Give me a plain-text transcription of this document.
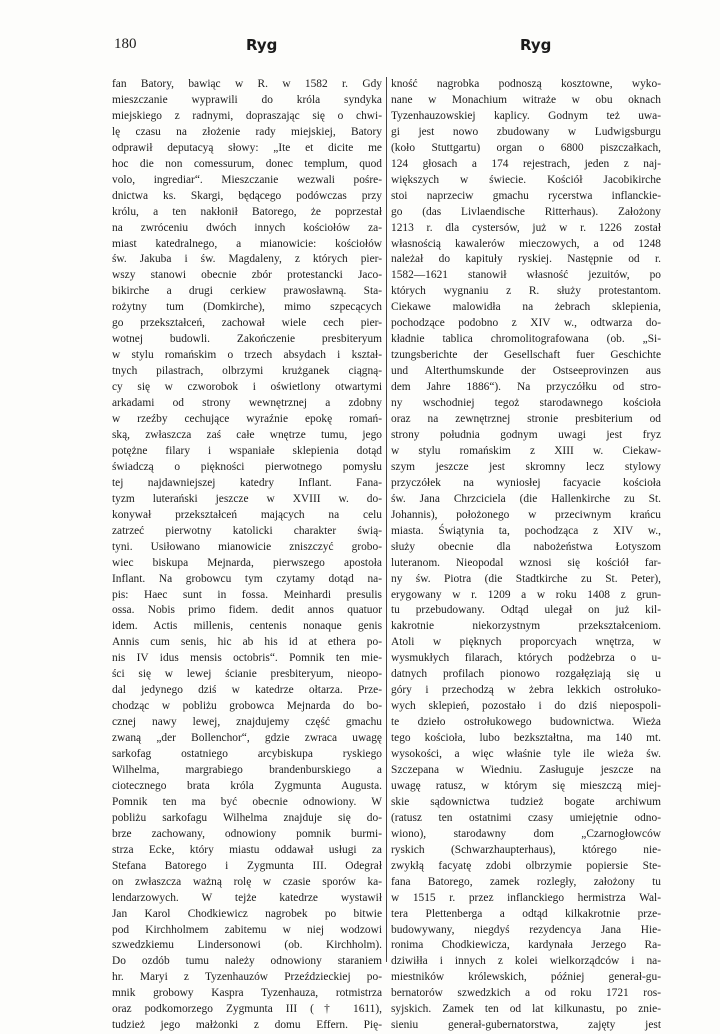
180	Ryg	Ryg
fan Batory, bawiąc w R. w 1582 r. Gdy
mieszczanie wyprawili do króla syndyka
miejskiego z radnymi, dopraszając się o chwi-
lę czasu na złożenie rady miejskiej, Batory
odprawił deputacyą słowy: „Ite et dicite me
hoc die non comessurum, donec templum, quod
volo, ingrediar“. Mieszczanie wezwali pośre-
dnictwa ks. Skargi, będącego podówczas przy
królu, a ten nakłonił Batorego, że poprzestał
na zwróceniu dwóch innych kościołów za-
miast katedralnego, a mianowicie: kościołów
św. Jakuba i św. Magdaleny, z których pier-
wszy stanowi obecnie zbór protestancki Jaco-
bikirche a drugi cerkiew prawosławną. Sta-
rożytny tum (Domkirche), mimo szpecących
go przekształceń, zachował wiele cech pier-
wotnej budowli. Zakończenie presbiteryum
w stylu romańskim o trzech absydach i kształ-
tnych pilastrach, olbrzymi krużganek ciągną-
cy się w czworobok i oświetlony otwartymi
arkadami od strony wewnętrznej a zdobny
w rzeźby cechujące wyraźnie epokę romań-
ską, zwłaszcza zaś całe wnętrze tumu, jego
potężne filary i wspaniałe sklepienia dotąd
świadczą o piękności pierwotnego pomysłu
tej najdawniejszej katedry Inflant. Fana-
tyzm luterański jeszcze w XVIII w. do-
konywał przekształceń mających na celu
zatrzeć pierwotny katolicki charakter świą-
tyni. Usiłowano mianowicie zniszczyć grobo-
wiec biskupa Mejnarda, pierwszego apostoła
Inflant. Na grobowcu tym czytamy dotąd na-
pis: Haec sunt in fossa. Meinhardi presulis
ossa. Nobis primo fidem. dedit annos quatuor
idem. Actis millenis, centenis nonaque genis
Annis cum senis, hic ab his id at ethera po-
nis IV idus mensis octobris“. Pomnik ten mie-
ści się w lewej ścianie presbiteryum, nieopo-
dal jedynego dziś w katedrze ołtarza. Prze-
chodząc w pobliżu grobowca Mejnarda do bo-
cznej nawy lewej, znajdujemy część gmachu
zwaną „der Bollenchor“, gdzie zwraca uwagę
sarkofag ostatniego arcybiskupa ryskiego
Wilhelma, margrabiego brandenburskiego a
ciotecznego brata króla Zygmunta Augusta.
Pomnik ten ma być obecnie odnowiony. W
pobliżu sarkofagu Wilhelma znajduje się do-
brze zachowany, odnowiony pomnik burmi-
strza Ecke, który miastu oddawał usługi za
Stefana Batorego i Zygmunta III. Odegrał
on zwłaszcza ważną rolę w czasie sporów ka-
lendarzowych. W tejże katedrze wystawił
Jan Karol Chodkiewicz nagrobek po bitwie
pod Kirchholmem zabitemu w niej wodzowi
szwedzkiemu Lindersonowi (ob. Kirchholm).
Do ozdób tumu należy odnowiony staraniem
hr. Maryi z Tyzenhauzów Przeździeckiej po-
mnik grobowy Kaspra Tyzenhauza, rotmistrza
oraz podkomorzego Zygmunta III († 1611),
tudzież jego małżonki z domu Effern. Pię-
kność nagrobka podnoszą kosztowne, wyko-
nane w Monachium witraże w obu oknach
Tyzenhauzowskiej kaplicy. Godnym też uwa-
gi jest nowo zbudowany w Ludwigsburgu
(koło Stuttgartu) organ o 6800 piszczałkach,
124 głosach a 174 rejestrach, jeden z naj-
większych w świecie. Kościół Jacobikirche
stoi naprzeciw gmachu rycerstwa inflanckie-
go (das Livlaendische Ritterhaus). Założony
1213 r. dla cystersów, już w r. 1226 został
własnością kawalerów mieczowych, a od 1248
należał do kapituły ryskiej. Następnie od r.
1582—1621 stanowił własność jezuitów, po
których wygnaniu z R. służy protestantom.
Ciekawe malowidła na żebrach sklepienia,
pochodzące podobno z XIV w., odtwarza do-
kładnie tablica chromolitografowana (ob. „Si-
tzungsberichte der Gesellschaft fuer Geschichte
und Alterthumskunde der Ostseeprovinzen aus
dem Jahre 1886“). Na przyczółku od stro-
ny wschodniej tegoż starodawnego kościoła
oraz na zewnętrznej stronie presbiterium od
strony południa godnym uwagi jest fryz
w stylu romańskim z XIII w. Ciekaw-
szym jeszcze jest skromny lecz stylowy
przyczółek na wyniosłej facyacie kościoła
św. Jana Chrzciciela (die Hallenkirche zu St.
Johannis), położonego w przeciwnym krańcu
miasta. Świątynia ta, pochodząca z XIV w.,
służy obecnie dla nabożeństwa Łotyszom
luteranom. Nieopodal wznosi się kościół far-
ny św. Piotra (die Stadtkirche zu St. Peter),
erygowany w r. 1209 a w roku 1408 z grun-
tu przebudowany. Odtąd ulegał on już kil-
kakrotnie niekorzystnym przekształceniom.
Atoli w pięknych proporcyach wnętrza, w
wysmukłych filarach, których podżebrza o u-
datnych profilach pionowo rozgałęziają się u
góry i przechodzą w żebra lekkich ostrołuko-
wych sklepień, pozostało i do dziś niepospoli-
te dzieło ostrołukowego budownictwa. Wieża
tego kościoła, lubo bezkształtna, ma 140 mt.
wysokości, a więc właśnie tyle ile wieża św.
Szczepana w Wiedniu. Zasługuje jeszcze na
uwagę ratusz, w którym się mieszczą miej-
skie sądownictwa tudzież bogate archiwum
(ratusz ten ostatnimi czasy umiejętnie odno-
wiono), starodawny dom „Czarnogłowców
ryskich (Schwarzhaupterhaus), którego nie-
zwykłą facyatę zdobi olbrzymie popiersie Ste-
fana Batorego, zamek rozległy, założony tu
w 1515 r. przez inflanckiego hermistrza Wal-
tera Plettenberga a odtąd kilkakrotnie prze-
budowywany, niegdyś rezydencya Jana Hie-
ronima Chodkiewicza, kardynała Jerzego Ra-
dziwiłła i innych z kolei wielkorządców i na-
miestników królewskich, później generał-gu-
bernatorów szwedzkich a od roku 1721 ros-
syjskich. Zamek ten od lat kilkunastu, po znie-
sieniu generał-gubernatorstwa, zajęty jest
